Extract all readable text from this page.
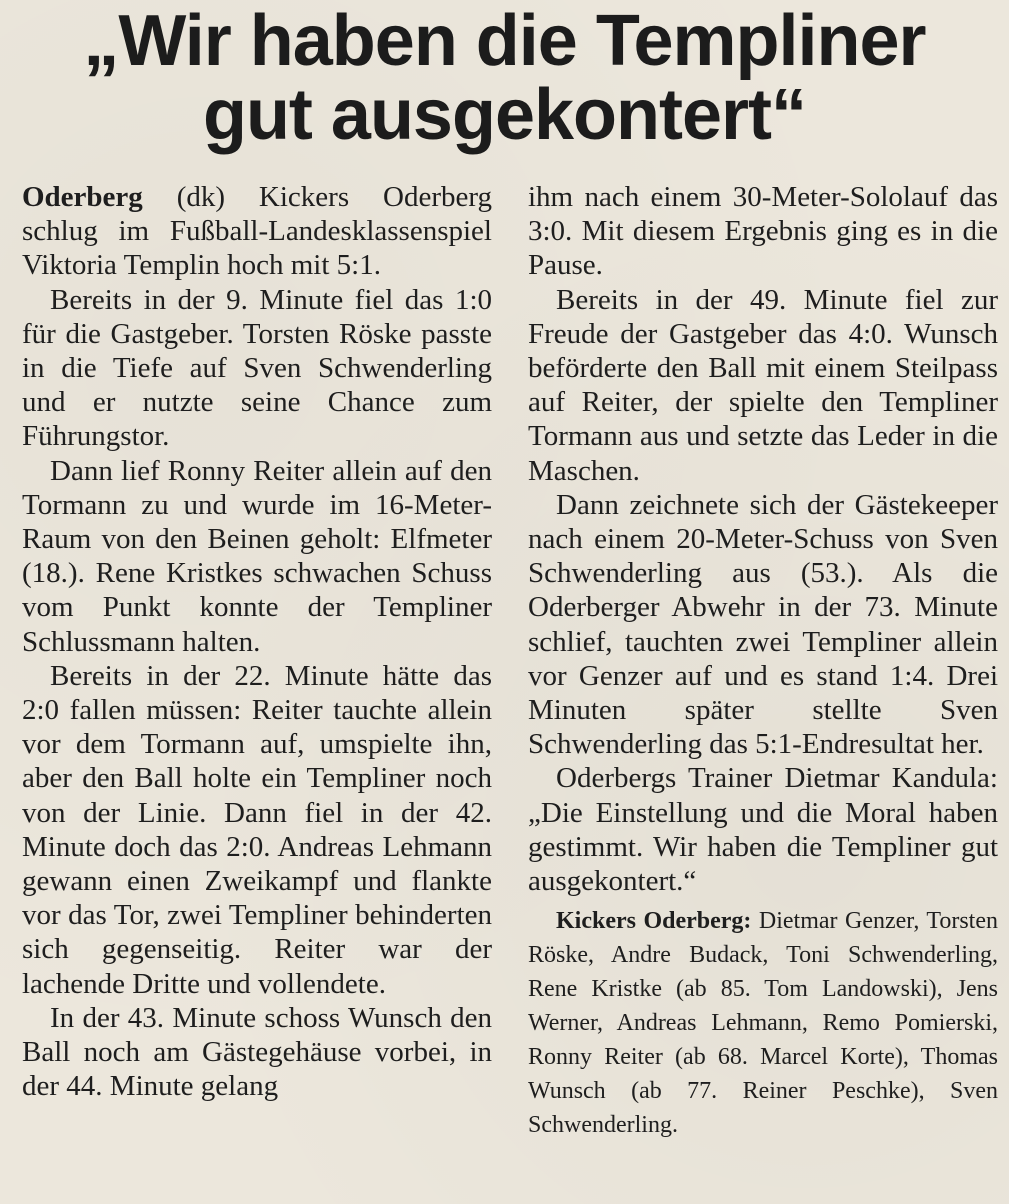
„Wir haben die Templiner
gut ausgekontert“

Oderberg (dk) Kickers Oderberg schlug im Fußball-Landesklassenspiel Viktoria Templin hoch mit 5:1.

Bereits in der 9. Minute fiel das 1:0 für die Gastgeber. Torsten Röske passte in die Tiefe auf Sven Schwenderling und er nutzte seine Chance zum Führungstor.

Dann lief Ronny Reiter allein auf den Tormann zu und wurde im 16-Meter-Raum von den Beinen geholt: Elfmeter (18.). Rene Kristkes schwachen Schuss vom Punkt konnte der Templiner Schlussmann halten.

Bereits in der 22. Minute hätte das 2:0 fallen müssen: Reiter tauchte allein vor dem Tormann auf, umspielte ihn, aber den Ball holte ein Templiner noch von der Linie. Dann fiel in der 42. Minute doch das 2:0. Andreas Lehmann gewann einen Zweikampf und flankte vor das Tor, zwei Templiner behinderten sich gegenseitig. Reiter war der lachende Dritte und vollendete.

In der 43. Minute schoss Wunsch den Ball noch am Gästegehäuse vorbei, in der 44. Minute gelang

ihm nach einem 30-Meter-Sololauf das 3:0. Mit diesem Ergebnis ging es in die Pause.

Bereits in der 49. Minute fiel zur Freude der Gastgeber das 4:0. Wunsch beförderte den Ball mit einem Steilpass auf Reiter, der spielte den Templiner Tormann aus und setzte das Leder in die Maschen.

Dann zeichnete sich der Gästekeeper nach einem 20-Meter-Schuss von Sven Schwenderling aus (53.). Als die Oderberger Abwehr in der 73. Minute schlief, tauchten zwei Templiner allein vor Genzer auf und es stand 1:4. Drei Minuten später stellte Sven Schwenderling das 5:1-Endresultat her.

Oderbergs Trainer Dietmar Kandula: „Die Einstellung und die Moral haben gestimmt. Wir haben die Templiner gut ausgekontert.“

Kickers Oderberg: Dietmar Genzer, Torsten Röske, Andre Budack, Toni Schwenderling, Rene Kristke (ab 85. Tom Landowski), Jens Werner, Andreas Lehmann, Remo Pomierski, Ronny Reiter (ab 68. Marcel Korte), Thomas Wunsch (ab 77. Reiner Peschke), Sven Schwenderling.
